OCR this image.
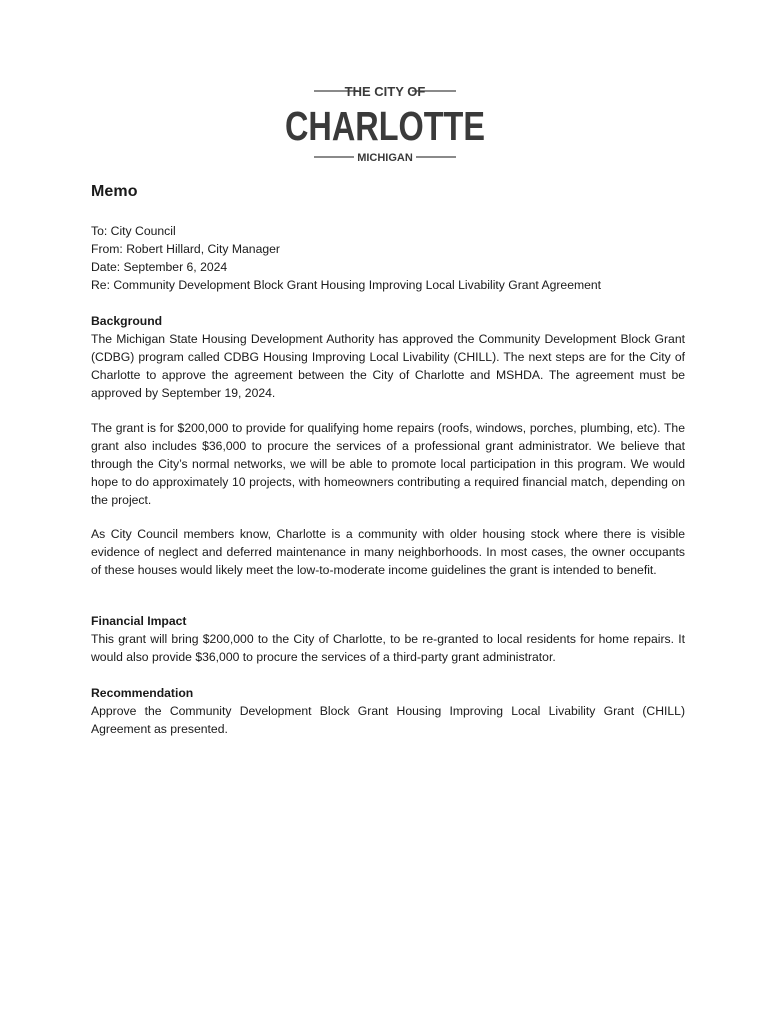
THE CITY OF
CHARLOTTE
MICHIGAN
Memo
To: City Council
From: Robert Hillard, City Manager
Date: September 6, 2024
Re: Community Development Block Grant Housing Improving Local Livability Grant Agreement
Background

The Michigan State Housing Development Authority has approved the Community Development Block Grant (CDBG) program called CDBG Housing Improving Local Livability (CHILL). The next steps are for the City of Charlotte to approve the agreement between the City of Charlotte and MSHDA. The agreement must be approved by September 19, 2024.

The grant is for $200,000 to provide for qualifying home repairs (roofs, windows, porches, plumbing, etc). The grant also includes $36,000 to procure the services of a professional grant administrator. We believe that through the City’s normal networks, we will be able to promote local participation in this program. We would hope to do approximately 10 projects, with homeowners contributing a required financial match, depending on the project.

As City Council members know, Charlotte is a community with older housing stock where there is visible evidence of neglect and deferred maintenance in many neighborhoods. In most cases, the owner occupants of these houses would likely meet the low-to-moderate income guidelines the grant is intended to benefit.

Financial Impact

This grant will bring $200,000 to the City of Charlotte, to be re-granted to local residents for home repairs. It would also provide $36,000 to procure the services of a third-party grant administrator.

Recommendation

Approve the Community Development Block Grant Housing Improving Local Livability Grant (CHILL) Agreement as presented.
